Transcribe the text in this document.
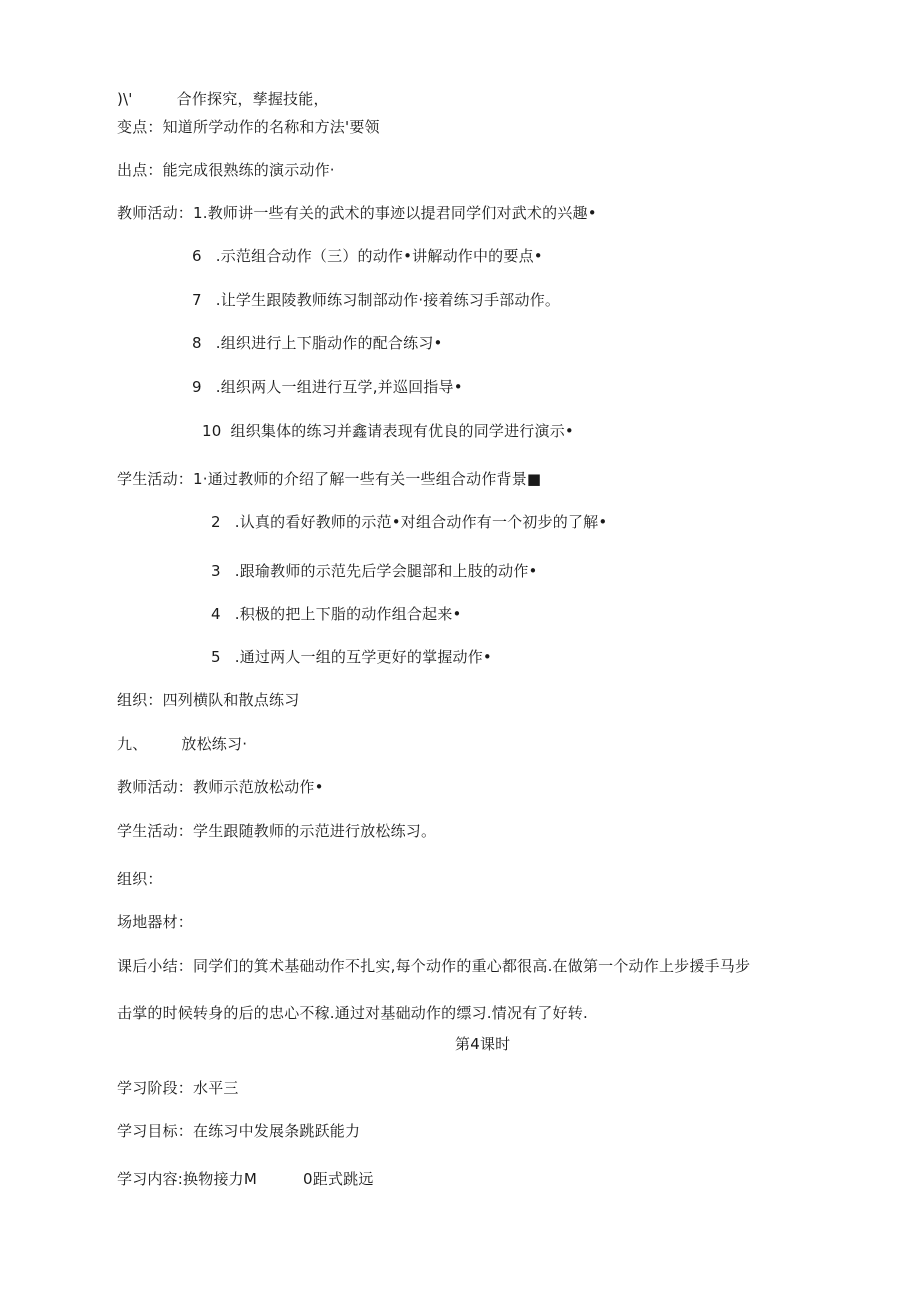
)\'	合作探究，孳握技能，
变点：知道所学动作的名称和方法'要领
出点：能完成很熟练的演示动作·
教师活动：1.教师讲一些有关的武术的事迹以提君同学们对武术的兴趣•
6 .示范组合动作（三）的动作•讲解动作中的要点•
7 .让学生跟陵教师练习制部动作·接着练习手部动作。
8 .组织进行上下脂动作的配合练习•
9 .组织两人一组进行互学,并巡回指导•
10 组织集体的练习并鑫请表现有优良的同学进行演示•
学生活动：1·通过教师的介绍了解一些有关一些组合动作背景■
2 .认真的看好教师的示范•对组合动作有一个初步的了解•
3 .跟瑜教师的示范先后学会腿部和上肢的动作•
4 .积极的把上下脂的动作组合起来•
5 .通过两人一组的互学更好的掌握动作•
组织：四列横队和散点练习
九、 放松练习·
教师活动：教师示范放松动作•
学生活动：学生跟随教师的示范进行放松练习。
组织：
场地器材：
课后小结：同学们的箕术基础动作不扎实,每个动作的重心都很高.在做第一个动作上步援手马步
击掌的时候转身的后的忠心不稼.通过对基础动作的缥习.情况有了好转.
第4课时
学习阶段：水平三
学习目标：在练习中发展条跳跃能力
学习内容:换物接力M	0距式跳远
